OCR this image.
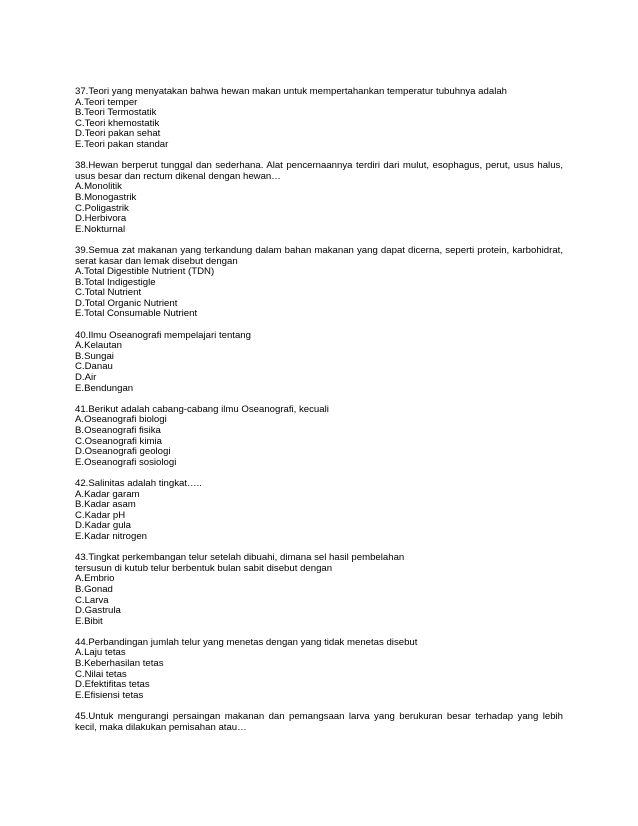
37.Teori yang menyatakan bahwa hewan makan untuk mempertahankan temperatur tubuhnya adalah

A.Teori temper

B.Teori Termostatik

C.Teori khemostatik

D.Teori pakan sehat

E.Teori pakan standar

38.Hewan berperut tunggal dan sederhana. Alat pencernaannya terdiri dari mulut, esophagus, perut, usus halus, usus besar dan rectum dikenal dengan hewan…

A.Monolitik

B.Monogastrik

C.Poligastrik

D.Herbivora

E.Nokturnal

39.Semua zat makanan yang terkandung dalam bahan makanan yang dapat dicerna, seperti protein, karbohidrat, serat kasar dan lemak disebut dengan

A.Total Digestible Nutrient (TDN)

B.Total Indigestigle

C.Total Nutrient

D.Total Organic Nutrient

E.Total Consumable Nutrient

40.Ilmu Oseanografi mempelajari tentang

A.Kelautan

B.Sungai

C.Danau

D.Air

E.Bendungan

41.Berikut adalah cabang-cabang ilmu Oseanografi, kecuali

A.Oseanografi biologi

B.Oseanografi fisika

C.Oseanografi kimia

D.Oseanografi geologi

E.Oseanografi sosiologi

42.Salinitas adalah tingkat…..

A.Kadar garam

B.Kadar asam

C.Kadar pH

D.Kadar gula

E.Kadar nitrogen

43.Tingkat perkembangan telur setelah dibuahi, dimana sel hasil pembelahan
tersusun di kutub telur berbentuk bulan sabit disebut dengan

A.Embrio

B.Gonad

C.Larva

D.Gastrula

E.Bibit

44.Perbandingan jumlah telur yang menetas dengan yang tidak menetas disebut

A.Laju tetas

B.Keberhasilan tetas

C.Nilai tetas

D.Efektifitas tetas

E.Efisiensi tetas

45.Untuk mengurangi persaingan makanan dan pemangsaan larva yang berukuran besar terhadap yang lebih kecil, maka dilakukan pemisahan atau…
